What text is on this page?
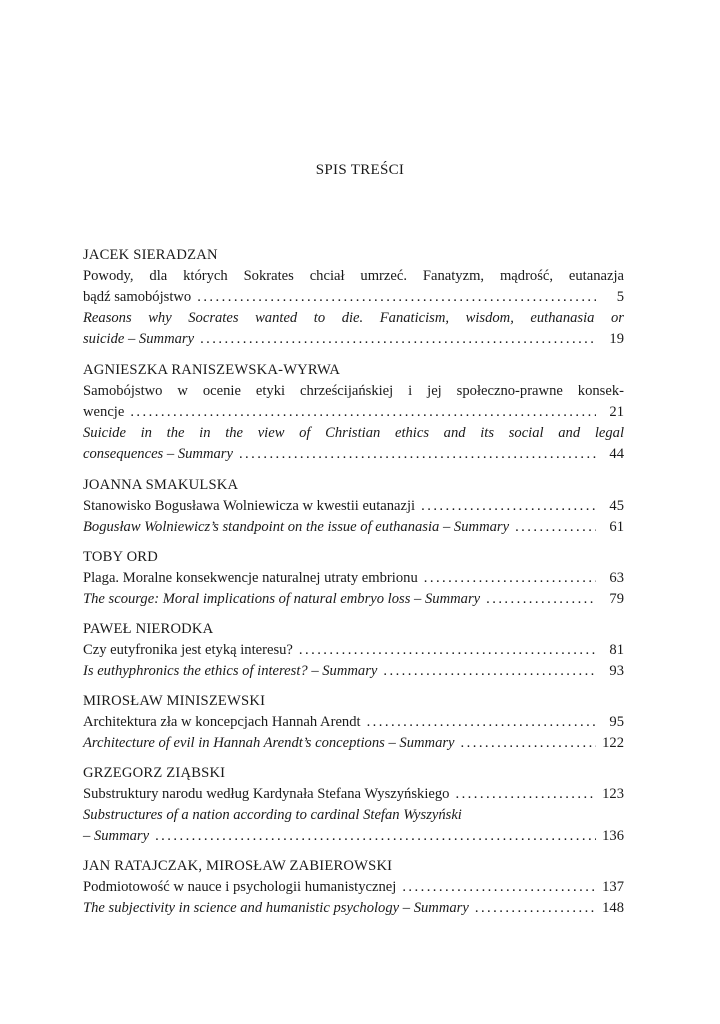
SPIS TREŚCI
JACEK SIERADZAN
Powody, dla których Sokrates chciał umrzeć. Fanatyzm, mądrość, eutanazja
bądź samobójstwo . . .	5
Reasons why Socrates wanted to die. Fanaticism, wisdom, euthanasia or
suicide – Summary . . .	19
AGNIESZKA RANISZEWSKA-WYRWA
Samobójstwo w ocenie etyki chrześcijańskiej i jej społeczno-prawne konsek-
wencje . . .	21
Suicide in the in the view of Christian ethics and its social and legal
consequences – Summary . . .	44
JOANNA SMAKULSKA
Stanowisko Bogusława Wolniewicza w kwestii eutanazji . . .	45
Bogusław Wolniewicz’s standpoint on the issue of euthanasia – Summary . . .	61
TOBY ORD
Plaga. Moralne konsekwencje naturalnej utraty embrionu . . .	63
The scourge: Moral implications of natural embryo loss – Summary . . .	79
PAWEŁ NIERODKA
Czy eutyfronika jest etyką interesu? . . .	81
Is euthyphronics the ethics of interest? – Summary . . .	93
MIROSŁAW MINISZEWSKI
Architektura zła w koncepcjach Hannah Arendt . . .	95
Architecture of evil in Hannah Arendt’s conceptions – Summary . . .	122
GRZEGORZ ZIĄBSKI
Substruktury narodu według Kardynała Stefana Wyszyńskiego . . .	123
Substructures of a nation according to cardinal Stefan Wyszyński
– Summary . . .	136
JAN RATAJCZAK, MIROSŁAW ZABIEROWSKI
Podmiotowość w nauce i psychologii humanistycznej . . .	137
The subjectivity in science and humanistic psychology – Summary . . .	148
